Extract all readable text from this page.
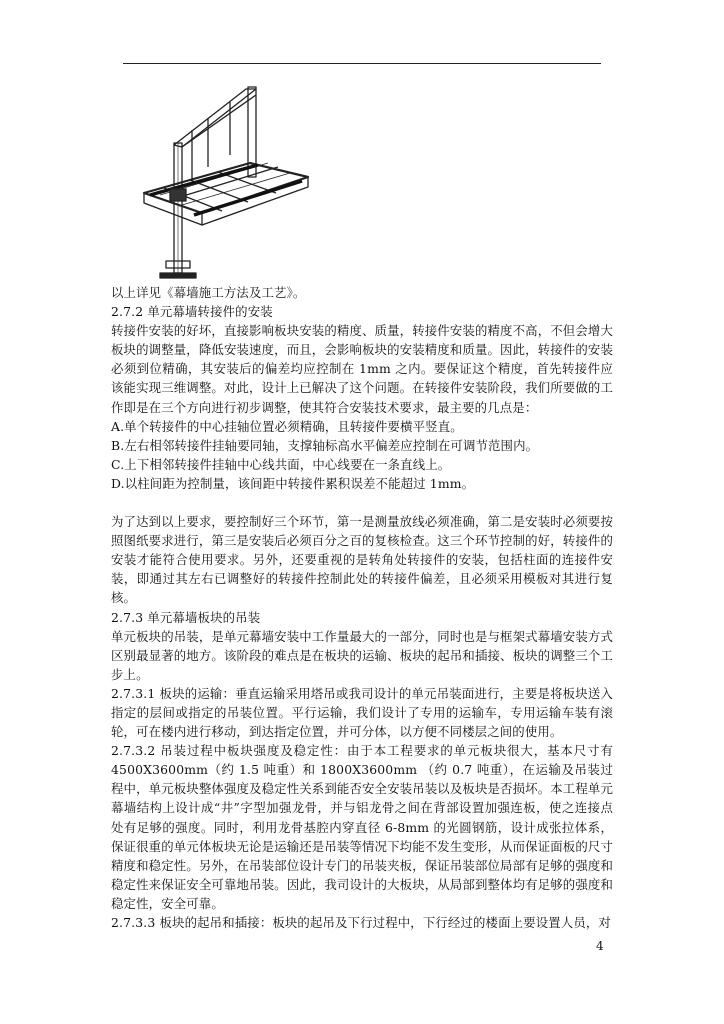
以上详见《幕墙施工方法及工艺》。

2.7.2 单元幕墙转接件的安装

转接件安装的好坏，直接影响板块安装的精度、质量，转接件安装的精度不高，不但会增大板块的调整量，降低安装速度，而且，会影响板块的安装精度和质量。因此，转接件的安装必须到位精确，其安装后的偏差均应控制在 1mm 之内。要保证这个精度，首先转接件应该能实现三维调整。对此，设计上已解决了这个问题。在转接件安装阶段，我们所要做的工作即是在三个方向进行初步调整，使其符合安装技术要求，最主要的几点是：

A.单个转接件的中心挂轴位置必须精确，且转接件要横平竖直。

B.左右相邻转接件挂轴要同轴，支撑轴标高水平偏差应控制在可调节范围内。

C.上下相邻转接件挂轴中心线共面，中心线要在一条直线上。

D.以柱间距为控制量，该间距中转接件累积误差不能超过 1mm。

为了达到以上要求，要控制好三个环节，第一是测量放线必须准确，第二是安装时必须要按照图纸要求进行，第三是安装后必须百分之百的复核检查。这三个环节控制的好，转接件的安装才能符合使用要求。另外，还要重视的是转角处转接件的安装，包括柱面的连接件安装，即通过其左右已调整好的转接件控制此处的转接件偏差，且必须采用模板对其进行复核。

2.7.3 单元幕墙板块的吊装

单元板块的吊装，是单元幕墙安装中工作量最大的一部分，同时也是与框架式幕墙安装方式区别最显著的地方。该阶段的难点是在板块的运输、板块的起吊和插接、板块的调整三个工步上。

2.7.3.1 板块的运输：垂直运输采用塔吊或我司设计的单元吊装面进行，主要是将板块送入指定的层间或指定的吊装位置。平行运输，我们设计了专用的运输车，专用运输车装有滚轮，可在楼内进行移动，到达指定位置，并可分体，以方便不同楼层之间的使用。

2.7.3.2 吊装过程中板块强度及稳定性：由于本工程要求的单元板块很大，基本尺寸有 4500X3600mm（约 1.5 吨重）和 1800X3600mm （约 0.7 吨重），在运输及吊装过程中，单元板块整体强度及稳定性关系到能否安全安装吊装以及板块是否损坏。本工程单元幕墙结构上设计成“井”字型加强龙骨，并与铝龙骨之间在背部设置加强连板，使之连接点处有足够的强度。同时，利用龙骨基腔内穿直径 6-8mm 的光圆钢筋，设计成张拉体系，保证很重的单元体板块无论是运输还是吊装等情况下均能不发生变形，从而保证面板的尺寸精度和稳定性。另外，在吊装部位设计专门的吊装夹板，保证吊装部位局部有足够的强度和稳定性来保证安全可靠地吊装。因此，我司设计的大板块，从局部到整体均有足够的强度和稳定性，安全可靠。

2.7.3.3 板块的起吊和插接：板块的起吊及下行过程中，下行经过的楼面上要设置人员，对

4
